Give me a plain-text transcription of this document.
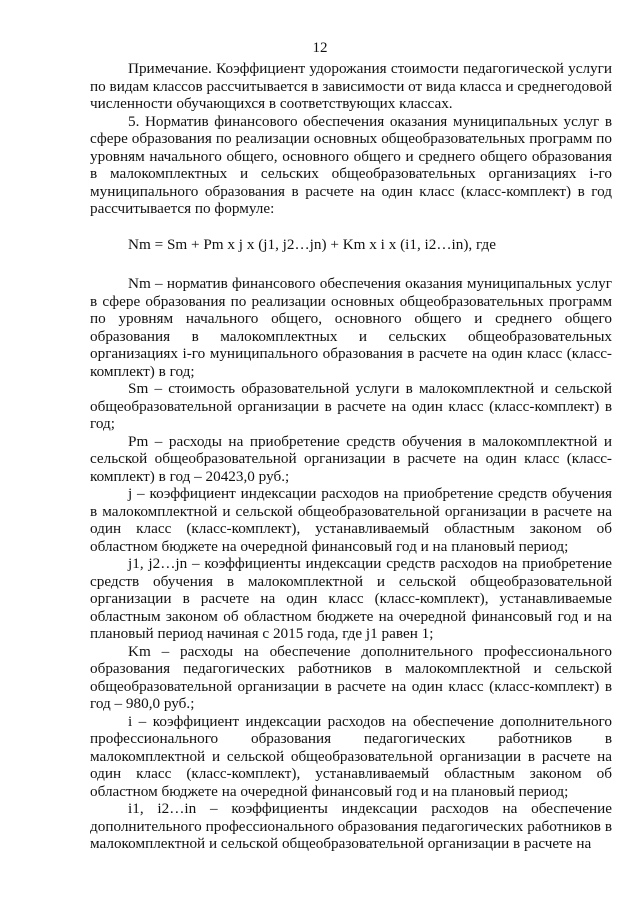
12

Примечание. Коэффициент удорожания стоимости педагогической услуги по видам классов рассчитывается в зависимости от вида класса и среднегодовой численности обучающихся в соответствующих классах.

5. Норматив финансового обеспечения оказания муниципальных услуг в сфере образования по реализации основных общеобразовательных программ по уровням начального общего, основного общего и среднего общего образования в малокомплектных и сельских общеобразовательных организациях i-го муниципального образования в расчете на один класс (класс-комплект) в год рассчитывается по формуле:

Nm = Sm + Pm x j x (j1, j2…jn) + Km x i x (i1, i2…in), где

Nm – норматив финансового обеспечения оказания муниципальных услуг в сфере образования по реализации основных общеобразовательных программ по уровням начального общего, основного общего и среднего общего образования в малокомплектных и сельских общеобразовательных организациях i-го муниципального образования в расчете на один класс (класс-комплект) в год;

Sm – стоимость образовательной услуги в малокомплектной и сельской общеобразовательной организации в расчете на один класс (класс-комплект) в год;

Pm – расходы на приобретение средств обучения в малокомплектной и сельской общеобразовательной организации в расчете на один класс (класс-комплект) в год – 20423,0 руб.;

j – коэффициент индексации расходов на приобретение средств обучения в малокомплектной и сельской общеобразовательной организации в расчете на один класс (класс-комплект), устанавливаемый областным законом об областном бюджете на очередной финансовый год и на плановый период;

j1, j2…jn – коэффициенты индексации средств расходов на приобретение средств обучения в малокомплектной и сельской общеобразовательной организации в расчете на один класс (класс-комплект), устанавливаемые областным законом об областном бюджете на очередной финансовый год и на плановый период начиная с 2015 года, где j1 равен 1;

Km – расходы на обеспечение дополнительного профессионального образования педагогических работников в малокомплектной и сельской общеобразовательной организации в расчете на один класс (класс-комплект) в год – 980,0 руб.;

i – коэффициент индексации расходов на обеспечение дополнительного профессионального образования педагогических работников в малокомплектной и сельской общеобразовательной организации в расчете на один класс (класс-комплект), устанавливаемый областным законом об областном бюджете на очередной финансовый год и на плановый период;

i1, i2…in – коэффициенты индексации расходов на обеспечение дополнительного профессионального образования педагогических работников в малокомплектной и сельской общеобразовательной организации в расчете на
